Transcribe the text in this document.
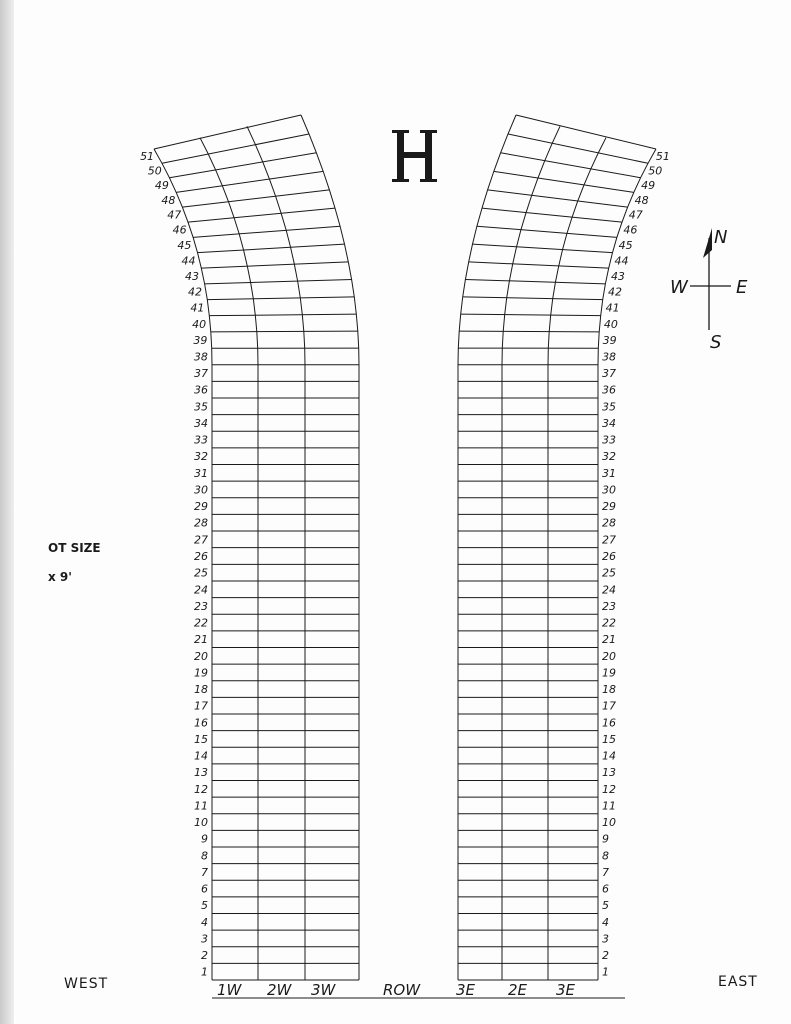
1
2
3
4
5
6
7
8
9
10
11
12
13
14
15
16
17
18
19
20
21
22
23
24
25
26
27
28
29
30
31
32
33
34
35
36
37
38
39
40
41
42
43
44
45
46
47
48
49
50
51
1
2
3
4
5
6
7
8
9
10
11
12
13
14
15
16
17
18
19
20
21
22
23
24
25
26
27
28
29
30
31
32
33
34
35
36
37
38
39
40
41
42
43
44
45
46
47
48
49
50
51
N
W	E
S
1W 2W 3W	ROW 3E 2E 3E
WEST	EAST
OT SIZE
x 9'
